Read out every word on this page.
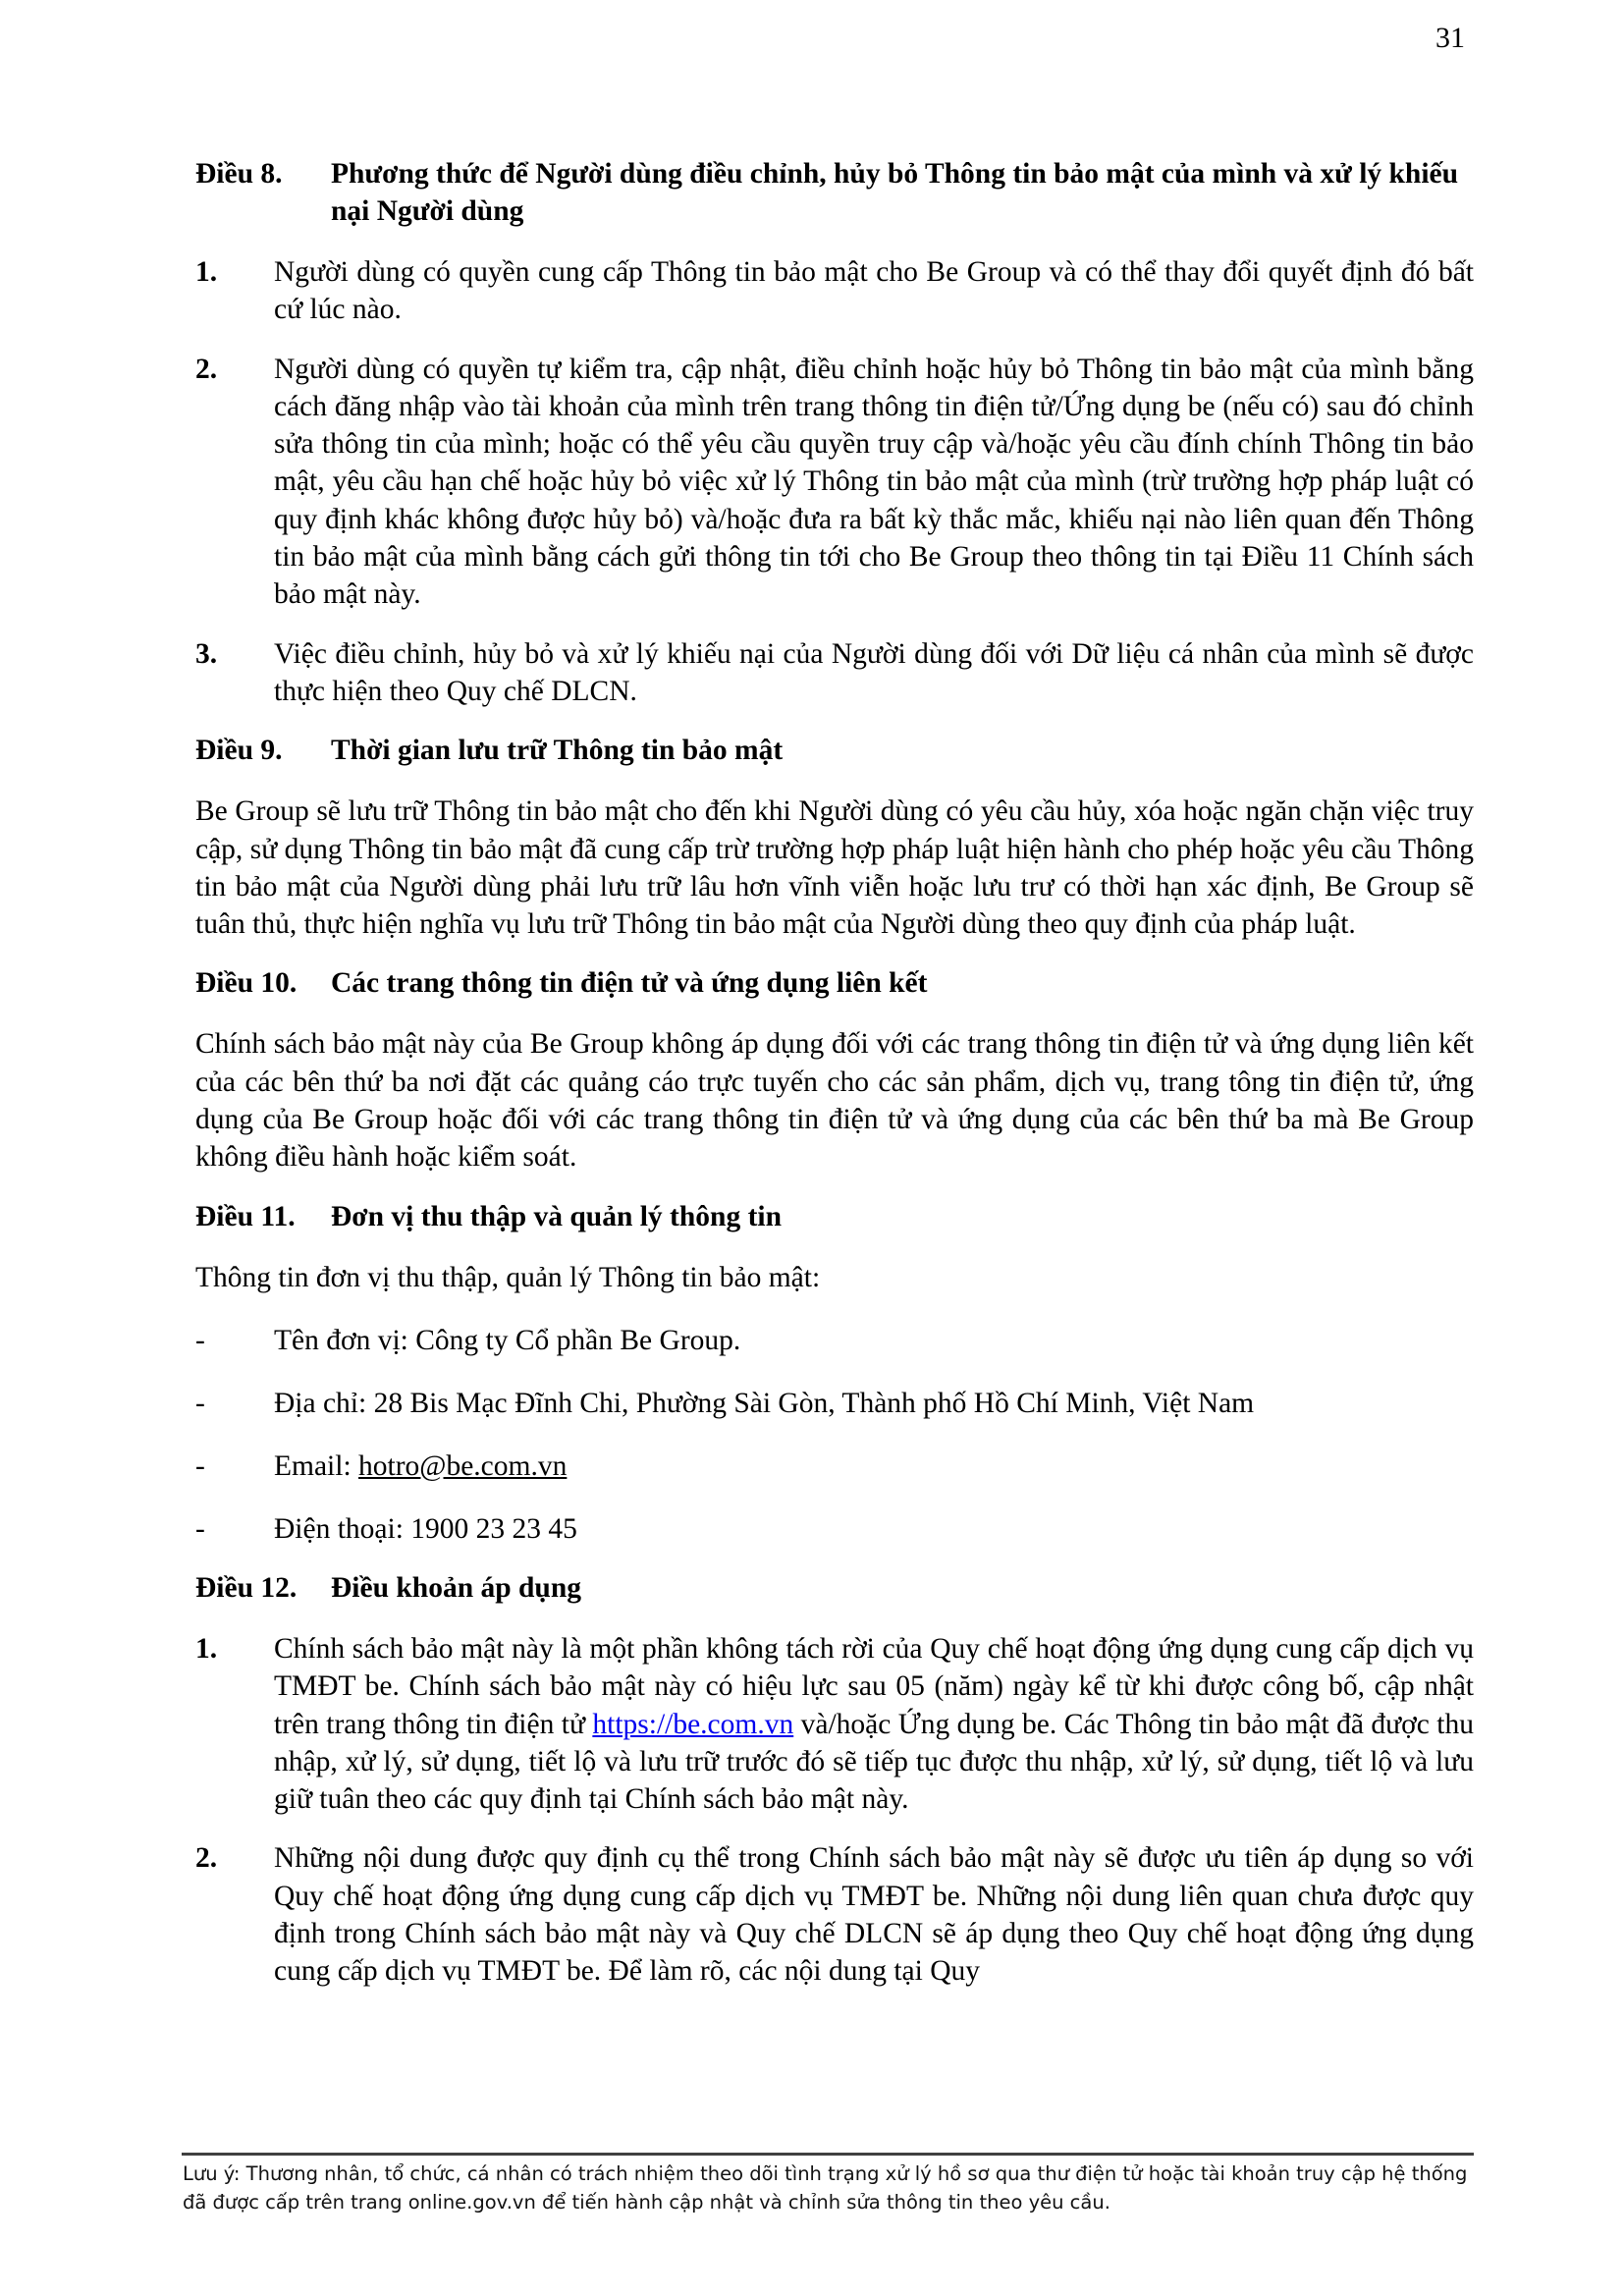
31
Điều 8.	Phương thức để Người dùng điều chỉnh, hủy bỏ Thông tin bảo mật của mình và xử lý khiếu nại Người dùng
1.	Người dùng có quyền cung cấp Thông tin bảo mật cho Be Group và có thể thay đổi quyết định đó bất cứ lúc nào.
2.	Người dùng có quyền tự kiểm tra, cập nhật, điều chỉnh hoặc hủy bỏ Thông tin bảo mật của mình bằng cách đăng nhập vào tài khoản của mình trên trang thông tin điện tử/Ứng dụng be (nếu có) sau đó chỉnh sửa thông tin của mình; hoặc có thể yêu cầu quyền truy cập và/hoặc yêu cầu đính chính Thông tin bảo mật, yêu cầu hạn chế hoặc hủy bỏ việc xử lý Thông tin bảo mật của mình (trừ trường hợp pháp luật có quy định khác không được hủy bỏ) và/hoặc đưa ra bất kỳ thắc mắc, khiếu nại nào liên quan đến Thông tin bảo mật của mình bằng cách gửi thông tin tới cho Be Group theo thông tin tại Điều 11 Chính sách bảo mật này.
3.	Việc điều chỉnh, hủy bỏ và xử lý khiếu nại của Người dùng đối với Dữ liệu cá nhân của mình sẽ được thực hiện theo Quy chế DLCN.
Điều 9.	Thời gian lưu trữ Thông tin bảo mật

Be Group sẽ lưu trữ Thông tin bảo mật cho đến khi Người dùng có yêu cầu hủy, xóa hoặc ngăn chặn việc truy cập, sử dụng Thông tin bảo mật đã cung cấp trừ trường hợp pháp luật hiện hành cho phép hoặc yêu cầu Thông tin bảo mật của Người dùng phải lưu trữ lâu hơn vĩnh viễn hoặc lưu trư có thời hạn xác định, Be Group sẽ tuân thủ, thực hiện nghĩa vụ lưu trữ Thông tin bảo mật của Người dùng theo quy định của pháp luật.

Điều 10.	Các trang thông tin điện tử và ứng dụng liên kết

Chính sách bảo mật này của Be Group không áp dụng đối với các trang thông tin điện tử và ứng dụng liên kết của các bên thứ ba nơi đặt các quảng cáo trực tuyến cho các sản phẩm, dịch vụ, trang tông tin điện tử, ứng dụng của Be Group hoặc đối với các trang thông tin điện tử và ứng dụng của các bên thứ ba mà Be Group không điều hành hoặc kiểm soát.

Điều 11.	Đơn vị thu thập và quản lý thông tin

Thông tin đơn vị thu thập, quản lý Thông tin bảo mật:

-	Tên đơn vị: Công ty Cổ phần Be Group.
-	Địa chỉ: 28 Bis Mạc Đĩnh Chi, Phường Sài Gòn, Thành phố Hồ Chí Minh, Việt Nam
-	Email: hotro@be.com.vn
-	Điện thoại: 1900 23 23 45
Điều 12.	Điều khoản áp dụng
1.	Chính sách bảo mật này là một phần không tách rời của Quy chế hoạt động ứng dụng cung cấp dịch vụ TMĐT be. Chính sách bảo mật này có hiệu lực sau 05 (năm) ngày kể từ khi được công bố, cập nhật trên trang thông tin điện tử https://be.com.vn và/hoặc Ứng dụng be. Các Thông tin bảo mật đã được thu nhập, xử lý, sử dụng, tiết lộ và lưu trữ trước đó sẽ tiếp tục được thu nhập, xử lý, sử dụng, tiết lộ và lưu giữ tuân theo các quy định tại Chính sách bảo mật này.
2.	Những nội dung được quy định cụ thể trong Chính sách bảo mật này sẽ được ưu tiên áp dụng so với Quy chế hoạt động ứng dụng cung cấp dịch vụ TMĐT be. Những nội dung liên quan chưa được quy định trong Chính sách bảo mật này và Quy chế DLCN sẽ áp dụng theo Quy chế hoạt động ứng dụng cung cấp dịch vụ TMĐT be. Để làm rõ, các nội dung tại Quy
Lưu ý: Thương nhân, tổ chức, cá nhân có trách nhiệm theo dõi tình trạng xử lý hồ sơ qua thư điện tử hoặc tài khoản truy cập hệ thống đã được cấp trên trang online.gov.vn để tiến hành cập nhật và chỉnh sửa thông tin theo yêu cầu.
